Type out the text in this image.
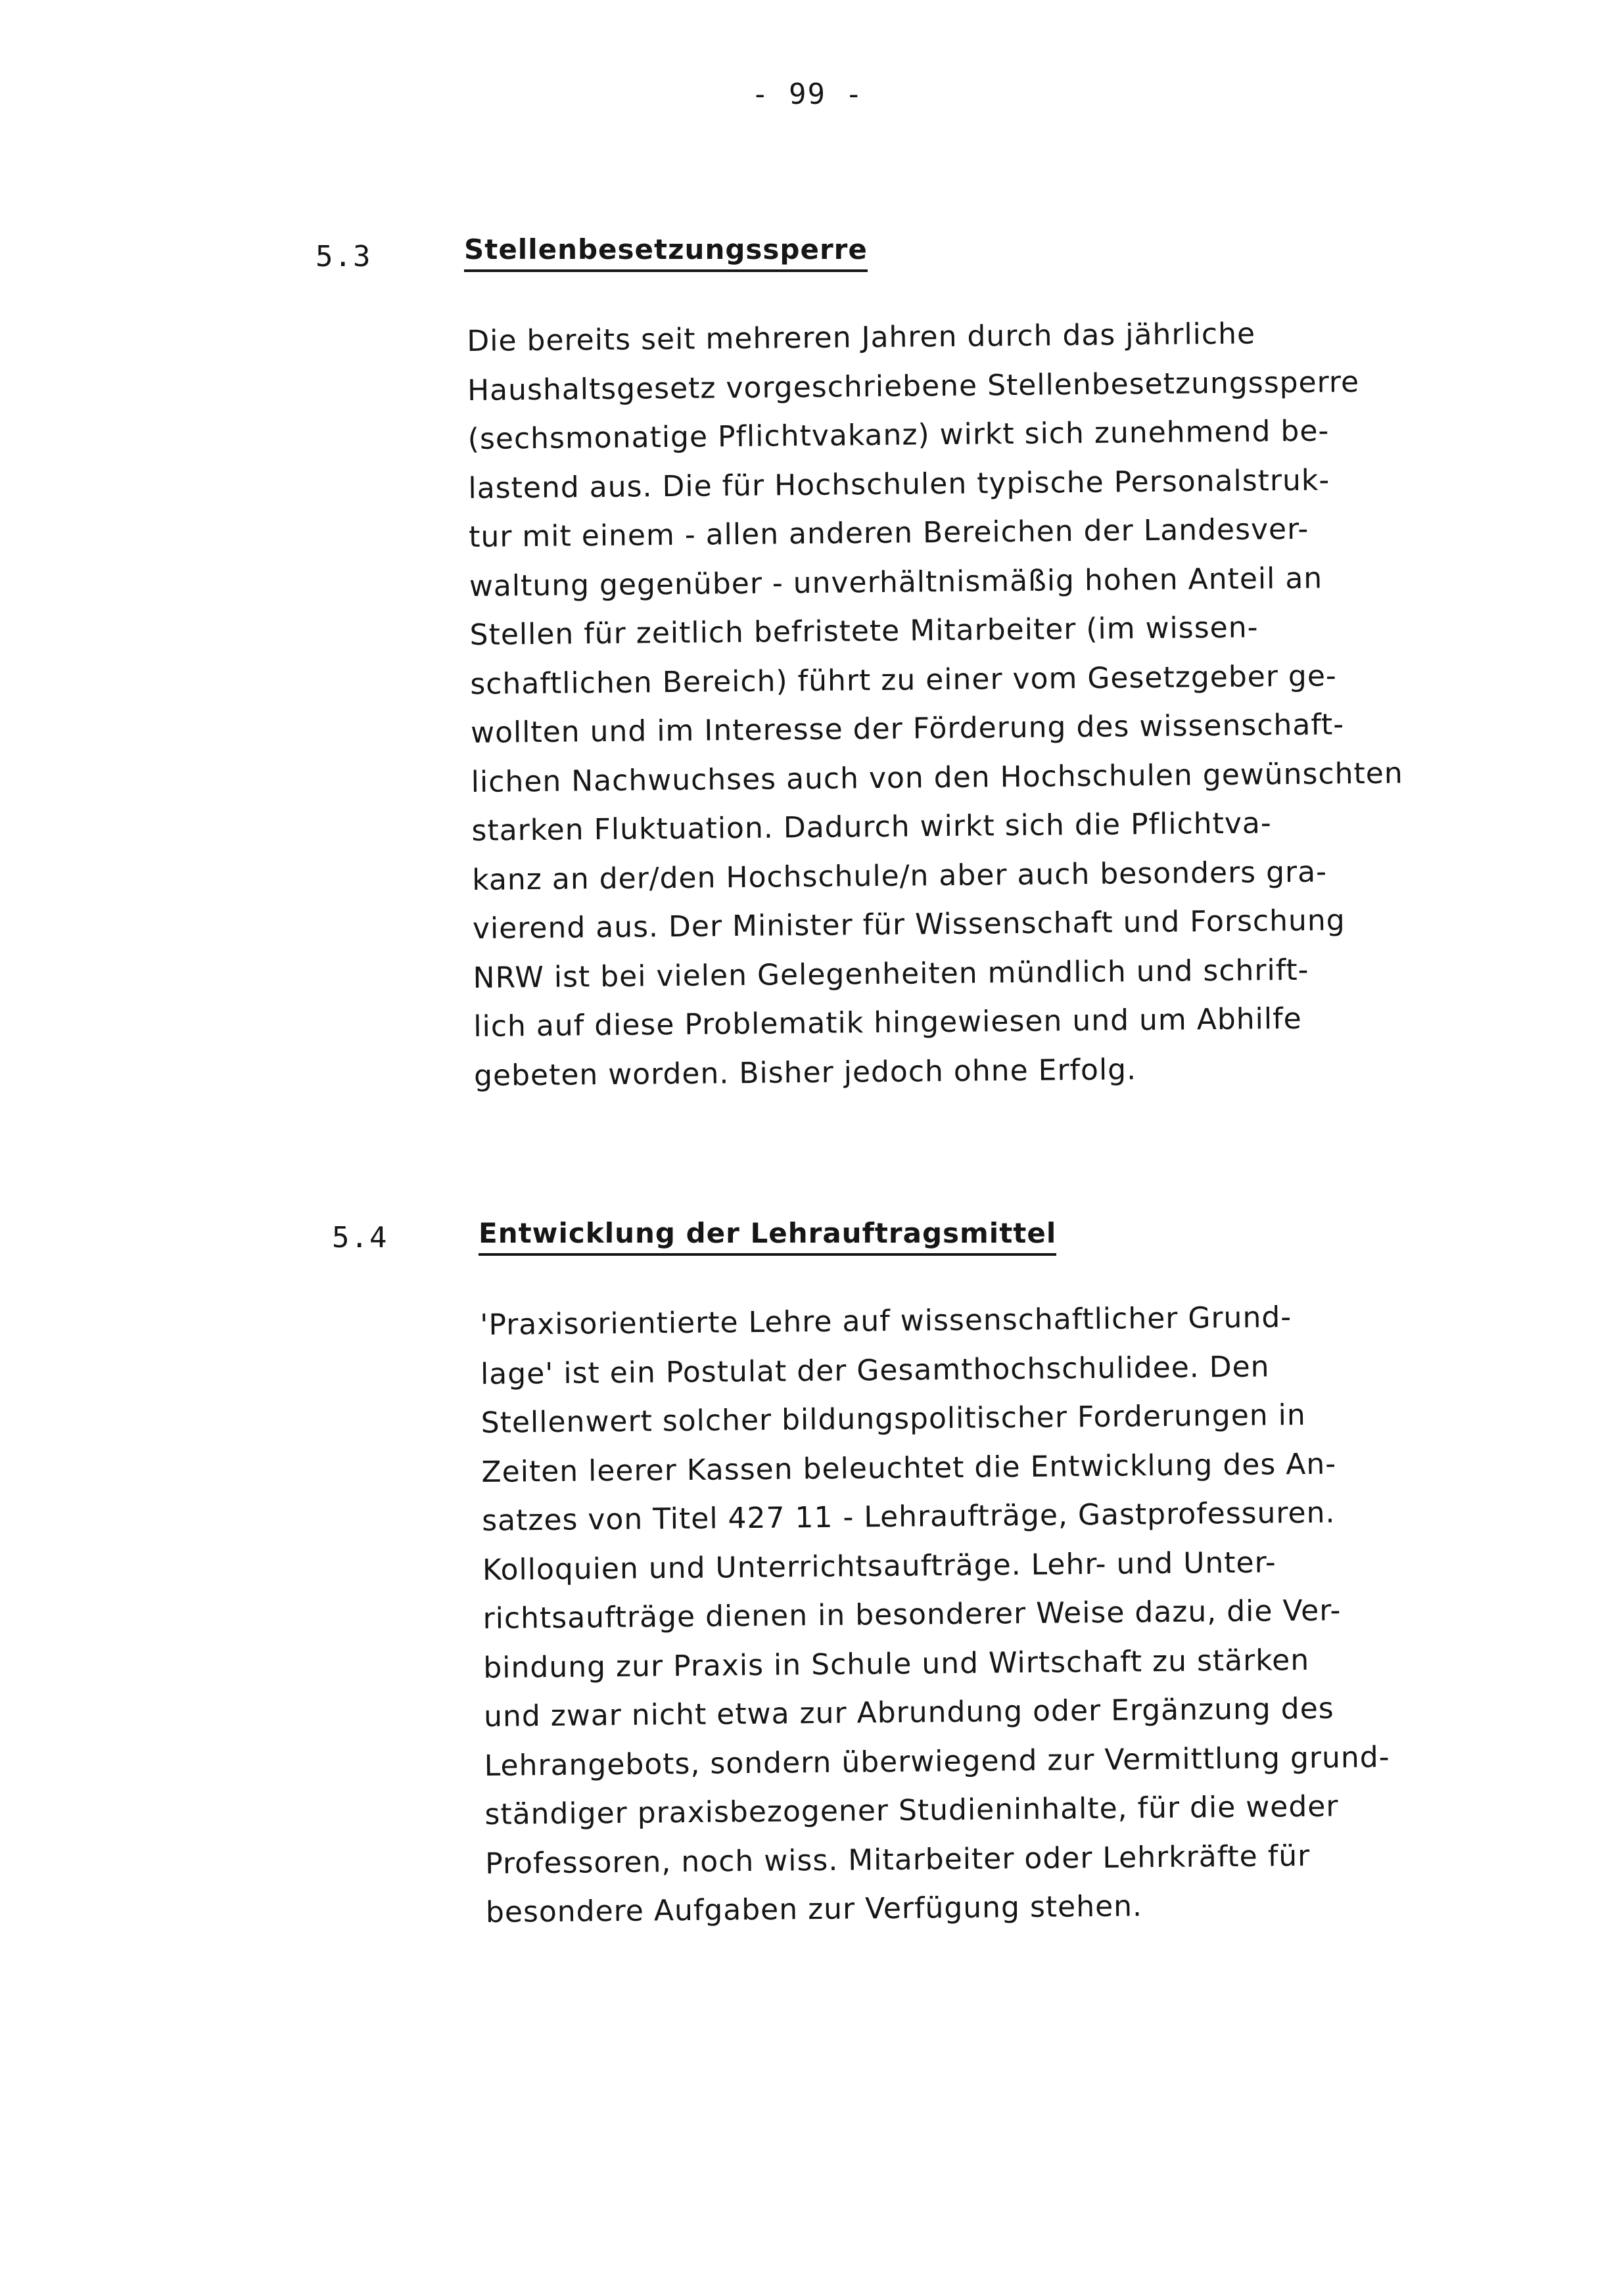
- 99 -
5.3	Stellenbesetzungssperre
Die bereits seit mehreren Jahren durch das jährliche
Haushaltsgesetz vorgeschriebene Stellenbesetzungssperre
(sechsmonatige Pflichtvakanz) wirkt sich zunehmend be-
lastend aus. Die für Hochschulen typische Personalstruk-
tur mit einem - allen anderen Bereichen der Landesver-
waltung gegenüber - unverhältnismäßig hohen Anteil an
Stellen für zeitlich befristete Mitarbeiter (im wissen-
schaftlichen Bereich) führt zu einer vom Gesetzgeber ge-
wollten und im Interesse der Förderung des wissenschaft-
lichen Nachwuchses auch von den Hochschulen gewünschten
starken Fluktuation. Dadurch wirkt sich die Pflichtva-
kanz an der/den Hochschule/n aber auch besonders gra-
vierend aus. Der Minister für Wissenschaft und Forschung
NRW ist bei vielen Gelegenheiten mündlich und schrift-
lich auf diese Problematik hingewiesen und um Abhilfe
gebeten worden. Bisher jedoch ohne Erfolg.
5.4	Entwicklung der Lehrauftragsmittel
'Praxisorientierte Lehre auf wissenschaftlicher Grund-
lage' ist ein Postulat der Gesamthochschulidee. Den
Stellenwert solcher bildungspolitischer Forderungen in
Zeiten leerer Kassen beleuchtet die Entwicklung des An-
satzes von Titel 427 11 - Lehraufträge, Gastprofessuren.
Kolloquien und Unterrichtsaufträge. Lehr- und Unter-
richtsaufträge dienen in besonderer Weise dazu, die Ver-
bindung zur Praxis in Schule und Wirtschaft zu stärken
und zwar nicht etwa zur Abrundung oder Ergänzung des
Lehrangebots, sondern überwiegend zur Vermittlung grund-
ständiger praxisbezogener Studieninhalte, für die weder
Professoren, noch wiss. Mitarbeiter oder Lehrkräfte für
besondere Aufgaben zur Verfügung stehen.
